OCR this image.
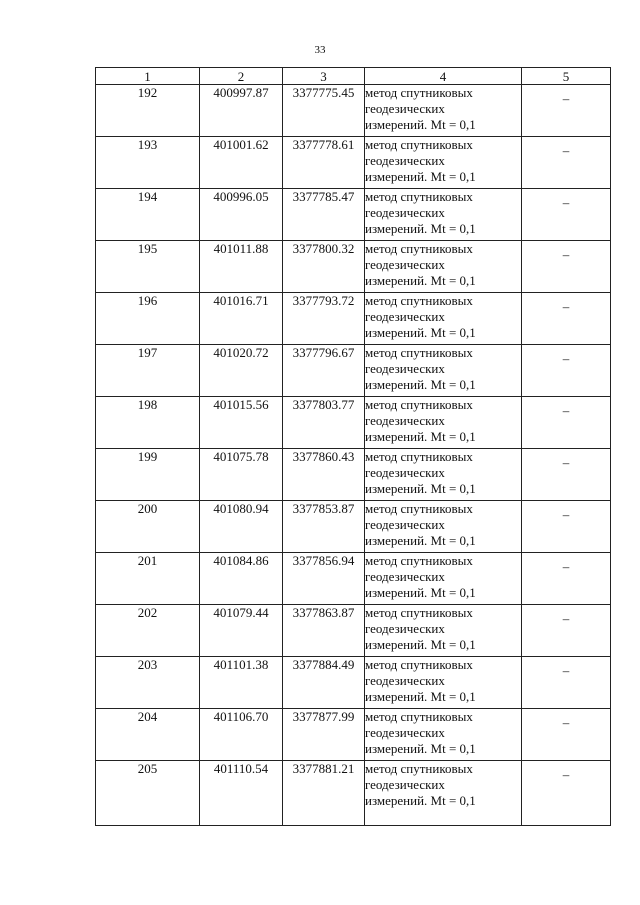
33
1	2	3	4	5
192	400997.87	3377775.45	метод спутниковых
геодезических
измерений. Mt = 0,1	–
193	401001.62	3377778.61	метод спутниковых
геодезических
измерений. Mt = 0,1	–
194	400996.05	3377785.47	метод спутниковых
геодезических
измерений. Mt = 0,1	–
195	401011.88	3377800.32	метод спутниковых
геодезических
измерений. Mt = 0,1	–
196	401016.71	3377793.72	метод спутниковых
геодезических
измерений. Mt = 0,1	–
197	401020.72	3377796.67	метод спутниковых
геодезических
измерений. Mt = 0,1	–
198	401015.56	3377803.77	метод спутниковых
геодезических
измерений. Mt = 0,1	–
199	401075.78	3377860.43	метод спутниковых
геодезических
измерений. Mt = 0,1	–
200	401080.94	3377853.87	метод спутниковых
геодезических
измерений. Mt = 0,1	–
201	401084.86	3377856.94	метод спутниковых
геодезических
измерений. Mt = 0,1	–
202	401079.44	3377863.87	метод спутниковых
геодезических
измерений. Mt = 0,1	–
203	401101.38	3377884.49	метод спутниковых
геодезических
измерений. Mt = 0,1	–
204	401106.70	3377877.99	метод спутниковых
геодезических
измерений. Mt = 0,1	–
205	401110.54	3377881.21	метод спутниковых
геодезических
измерений. Mt = 0,1	–
